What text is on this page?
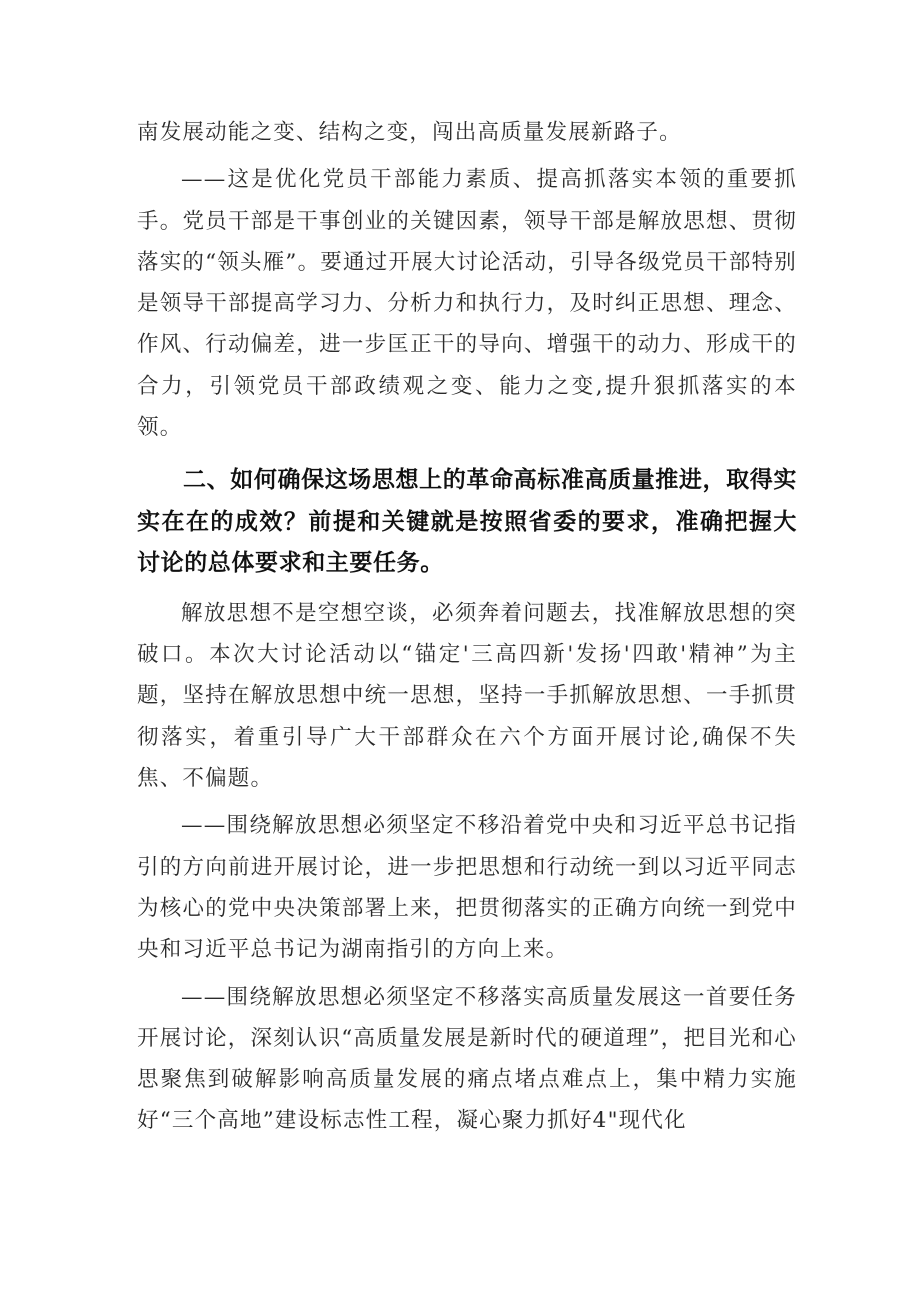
南发展动能之变、结构之变，闯出高质量发展新路子。

——这是优化党员干部能力素质、提高抓落实本领的重要抓手。党员干部是干事创业的关键因素，领导干部是解放思想、贯彻落实的“领头雁”。要通过开展大讨论活动，引导各级党员干部特别是领导干部提高学习力、分析力和执行力，及时纠正思想、理念、作风、行动偏差，进一步匡正干的导向、增强干的动力、形成干的合力，引领党员干部政绩观之变、能力之变,提升狠抓落实的本领。

二、如何确保这场思想上的革命高标准高质量推进，取得实实在在的成效？前提和关键就是按照省委的要求，准确把握大讨论的总体要求和主要任务。

解放思想不是空想空谈，必须奔着问题去，找准解放思想的突破口。本次大讨论活动以“锚定'三高四新'发扬'四敢'精神”为主题，坚持在解放思想中统一思想，坚持一手抓解放思想、一手抓贯彻落实，着重引导广大干部群众在六个方面开展讨论,确保不失焦、不偏题。

——围绕解放思想必须坚定不移沿着党中央和习近平总书记指引的方向前进开展讨论，进一步把思想和行动统一到以习近平同志为核心的党中央决策部署上来，把贯彻落实的正确方向统一到党中央和习近平总书记为湖南指引的方向上来。

——围绕解放思想必须坚定不移落实高质量发展这一首要任务开展讨论，深刻认识“高质量发展是新时代的硬道理”，把目光和心思聚焦到破解影响高质量发展的痛点堵点难点上，集中精力实施好“三个高地”建设标志性工程，凝心聚力抓好4"现代化
